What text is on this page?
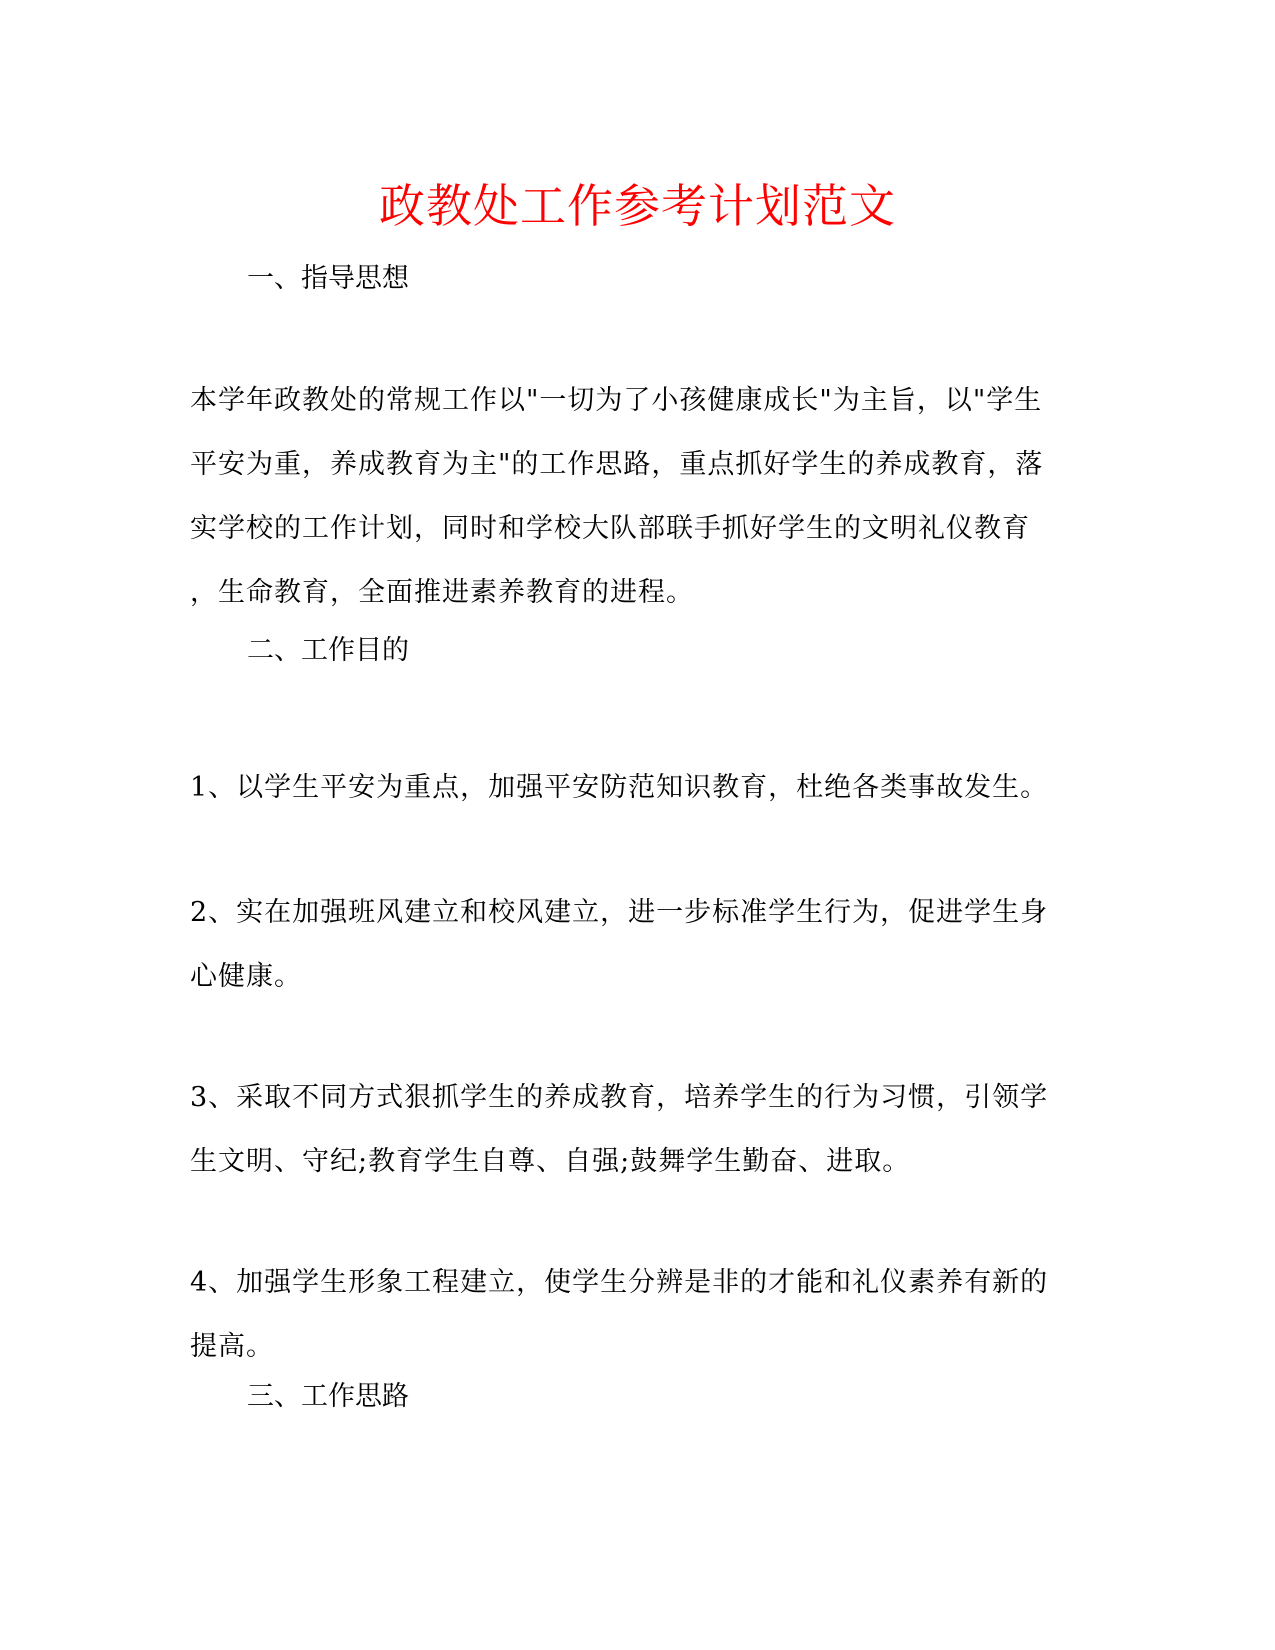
政教处工作参考计划范文
一、指导思想
本学年政教处的常规工作以"一切为了小孩健康成长"为主旨，以"学生
平安为重，养成教育为主"的工作思路，重点抓好学生的养成教育，落
实学校的工作计划，同时和学校大队部联手抓好学生的文明礼仪教育
，生命教育，全面推进素养教育的进程。
二、工作目的
1、以学生平安为重点，加强平安防范知识教育，杜绝各类事故发生。
2、实在加强班风建立和校风建立，进一步标准学生行为，促进学生身
心健康。
3、采取不同方式狠抓学生的养成教育，培养学生的行为习惯，引领学
生文明、守纪;教育学生自尊、自强;鼓舞学生勤奋、进取。
4、加强学生形象工程建立，使学生分辨是非的才能和礼仪素养有新的
提高。
三、工作思路
